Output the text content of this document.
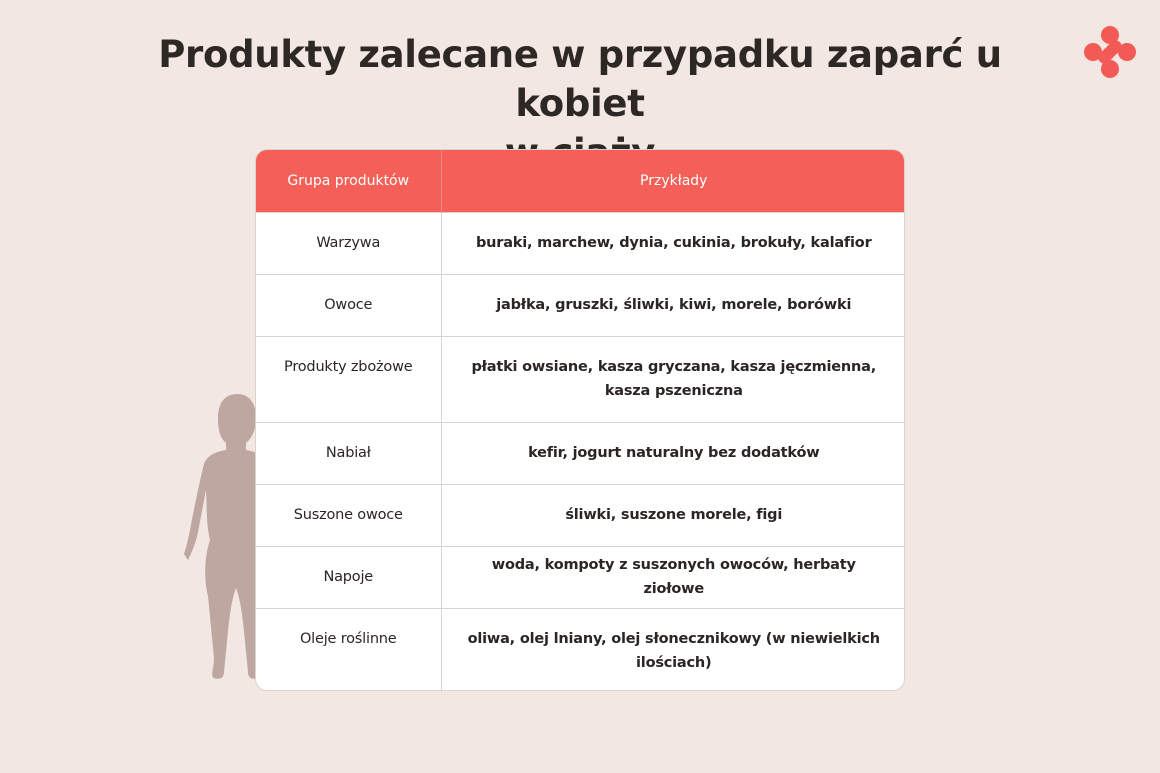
Produkty zalecane w przypadku zaparć u kobiet
Grupa produktów	Przykłady
Warzywa	buraki, marchew, dynia, cukinia, brokuły, kalafior
Owoce	jabłka, gruszki, śliwki, kiwi, morele, borówki
Produkty zbożowe	płatki owsiane, kasza gryczana, kasza jęczmienna, kasza pszeniczna
Nabiał	kefir, jogurt naturalny bez dodatków
Suszone owoce	śliwki, suszone morele, figi
Napoje	woda, kompoty z suszonych owoców, herbaty ziołowe
Oleje roślinne	oliwa, olej lniany, olej słonecznikowy (w niewielkich ilościach)
